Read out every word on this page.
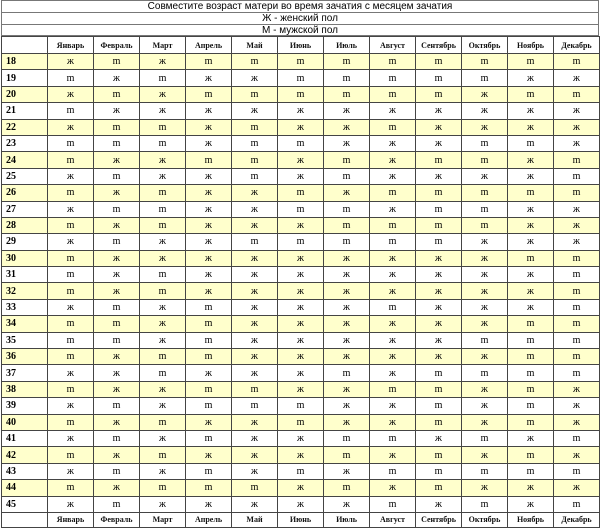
Совместите возраст матери во время зачатия с месяцем зачатия
Ж - женский пол
М - мужской пол
	Январь	Февраль	Март	Апрель	Май	Июнь	Июль	Август	Сентябрь	Октябрь	Ноябрь	Декабрь
18	ж	m	ж	m	m	m	m	m	m	m	m	m
19	m	ж	m	ж	ж	m	m	m	m	m	ж	ж
20	ж	m	ж	m	m	m	m	m	m	ж	m	m
21	m	ж	ж	ж	ж	ж	ж	ж	ж	ж	ж	ж
22	ж	m	m	ж	m	ж	ж	m	ж	ж	ж	ж
23	m	m	m	ж	m	m	ж	ж	ж	m	m	ж
24	m	ж	ж	m	m	ж	m	ж	m	m	ж	m
25	ж	m	ж	ж	m	ж	m	ж	ж	ж	ж	m
26	m	ж	m	ж	ж	m	ж	m	m	m	m	m
27	ж	m	m	ж	ж	m	m	ж	m	m	ж	ж
28	m	ж	m	ж	ж	ж	m	m	m	m	ж	ж
29	ж	m	ж	ж	m	m	m	m	m	ж	ж	ж
30	m	ж	ж	ж	ж	ж	ж	ж	ж	ж	m	m
31	m	ж	m	ж	ж	ж	ж	ж	ж	ж	ж	m
32	m	ж	m	ж	ж	ж	ж	ж	ж	ж	ж	m
33	ж	m	ж	m	ж	ж	ж	m	ж	ж	ж	m
34	m	m	ж	m	ж	ж	ж	ж	ж	ж	m	m
35	m	m	ж	m	ж	ж	ж	ж	ж	m	m	m
36	m	ж	m	m	ж	ж	ж	ж	ж	ж	m	m
37	ж	ж	m	ж	ж	ж	m	ж	m	m	m	m
38	m	ж	ж	m	m	ж	ж	m	m	ж	m	ж
39	ж	m	ж	m	m	m	ж	ж	m	ж	m	ж
40	m	ж	m	ж	ж	m	ж	ж	m	ж	m	ж
41	ж	m	ж	m	ж	ж	m	m	ж	m	ж	m
42	m	ж	m	ж	ж	ж	m	ж	m	ж	m	ж
43	ж	m	ж	m	ж	m	ж	m	m	m	m	m
44	m	ж	m	m	m	ж	m	ж	m	ж	ж	ж
45	ж	m	ж	ж	ж	ж	ж	m	ж	m	ж	m
	Январь	Февраль	Март	Апрель	Май	Июнь	Июль	Август	Сентябрь	Октябрь	Ноябрь	Декабрь
